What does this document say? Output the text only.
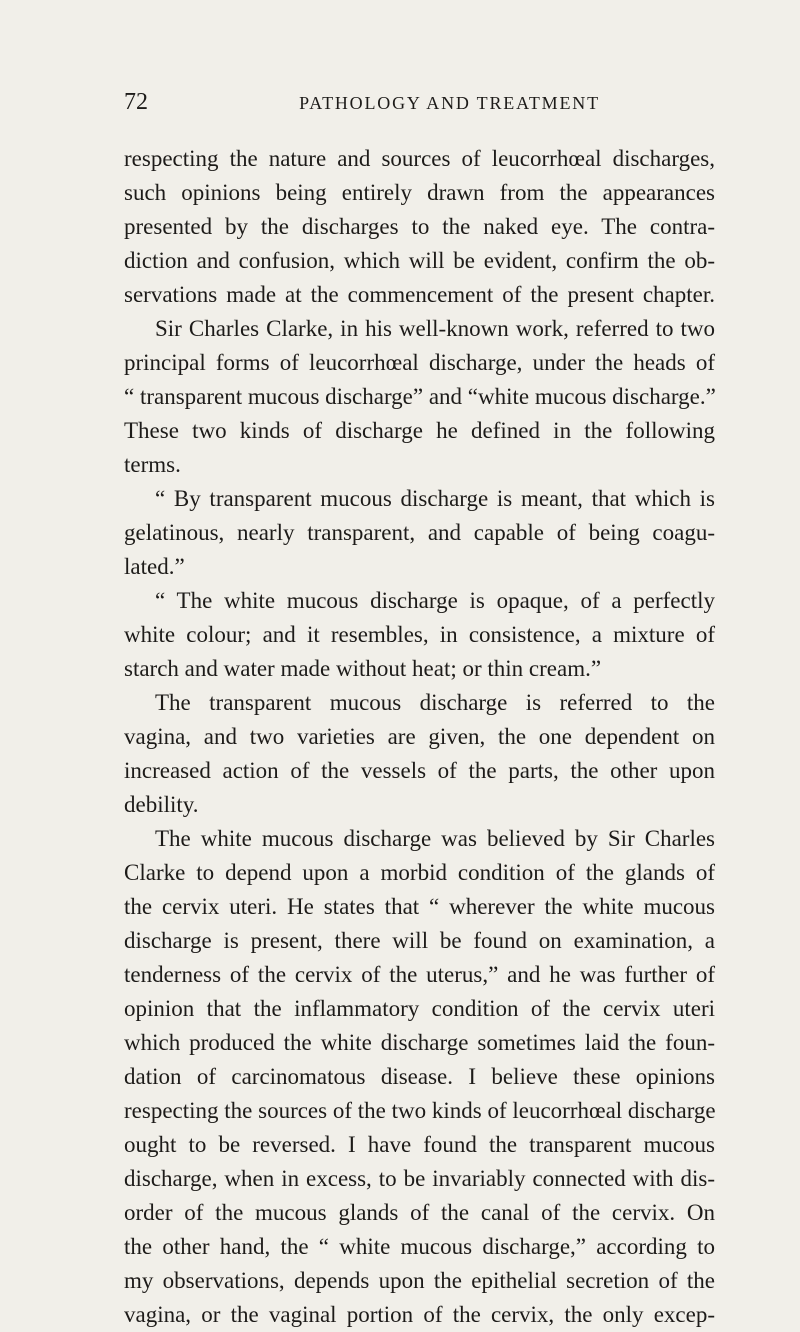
72	PATHOLOGY AND TREATMENT
respecting the nature and sources of leucorrhœal discharges,
such opinions being entirely drawn from the appearances
presented by the discharges to the naked eye. The contra-
diction and confusion, which will be evident, confirm the ob-
servations made at the commencement of the present chapter.
Sir Charles Clarke, in his well-known work, referred to two
principal forms of leucorrhœal discharge, under the heads of
“ transparent mucous discharge” and “white mucous discharge.”
These two kinds of discharge he defined in the following
terms.
“ By transparent mucous discharge is meant, that which is
gelatinous, nearly transparent, and capable of being coagu-
lated.”
“ The white mucous discharge is opaque, of a perfectly
white colour; and it resembles, in consistence, a mixture of
starch and water made without heat; or thin cream.”
The transparent mucous discharge is referred to the
vagina, and two varieties are given, the one dependent on
increased action of the vessels of the parts, the other upon
debility.
The white mucous discharge was believed by Sir Charles
Clarke to depend upon a morbid condition of the glands of
the cervix uteri. He states that “ wherever the white mucous
discharge is present, there will be found on examination, a
tenderness of the cervix of the uterus,” and he was further of
opinion that the inflammatory condition of the cervix uteri
which produced the white discharge sometimes laid the foun-
dation of carcinomatous disease. I believe these opinions
respecting the sources of the two kinds of leucorrhœal discharge
ought to be reversed. I have found the transparent mucous
discharge, when in excess, to be invariably connected with dis-
order of the mucous glands of the canal of the cervix. On
the other hand, the “ white mucous discharge,” according to
my observations, depends upon the epithelial secretion of the
vagina, or the vaginal portion of the cervix, the only excep-
